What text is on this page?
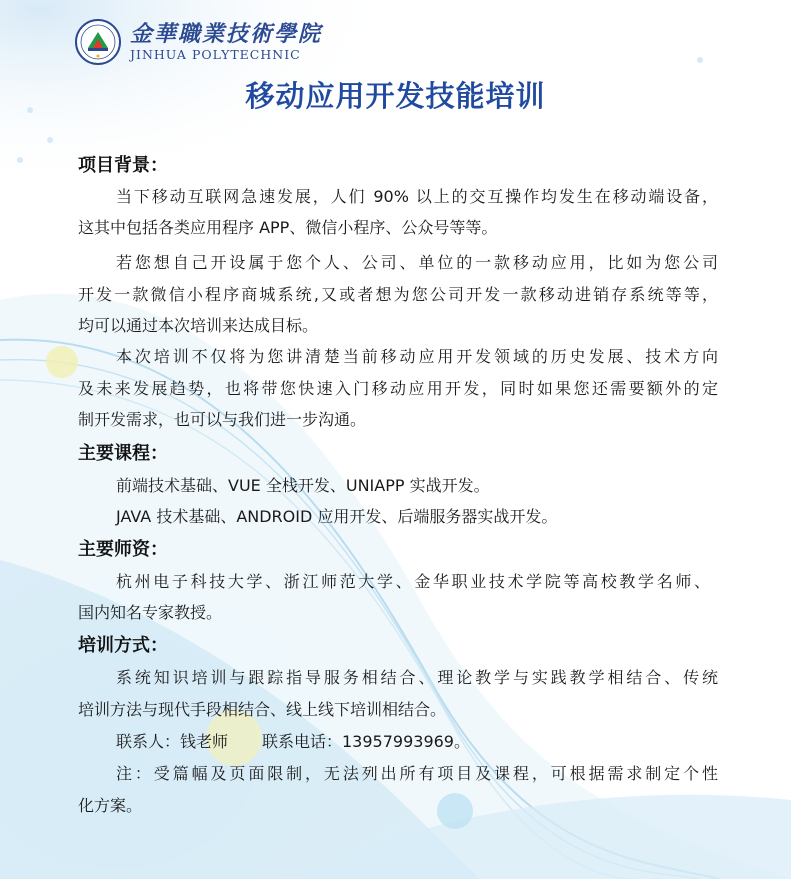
金華職業技術學院
JINHUA POLYTECHNIC
移动应用开发技能培训
项目背景：
当下移动互联网急速发展，人们 90% 以上的交互操作均发生在移动端设备，
这其中包括各类应用程序 APP、微信小程序、公众号等等。
若您想自己开设属于您个人、公司、单位的一款移动应用，比如为您公司
开发一款微信小程序商城系统,又或者想为您公司开发一款移动进销存系统等等，
均可以通过本次培训来达成目标。
本次培训不仅将为您讲清楚当前移动应用开发领域的历史发展、技术方向
及未来发展趋势，也将带您快速入门移动应用开发，同时如果您还需要额外的定
制开发需求，也可以与我们进一步沟通。
主要课程：
前端技术基础、VUE 全栈开发、UNIAPP 实战开发。
JAVA 技术基础、ANDROID 应用开发、后端服务器实战开发。
主要师资：
杭州电子科技大学、浙江师范大学、金华职业技术学院等高校教学名师、
国内知名专家教授。
培训方式：
系统知识培训与跟踪指导服务相结合、理论教学与实践教学相结合、传统
培训方法与现代手段相结合、线上线下培训相结合。
联系人：钱老师 联系电话：13957993969。
注：受篇幅及页面限制，无法列出所有项目及课程，可根据需求制定个性
化方案。
